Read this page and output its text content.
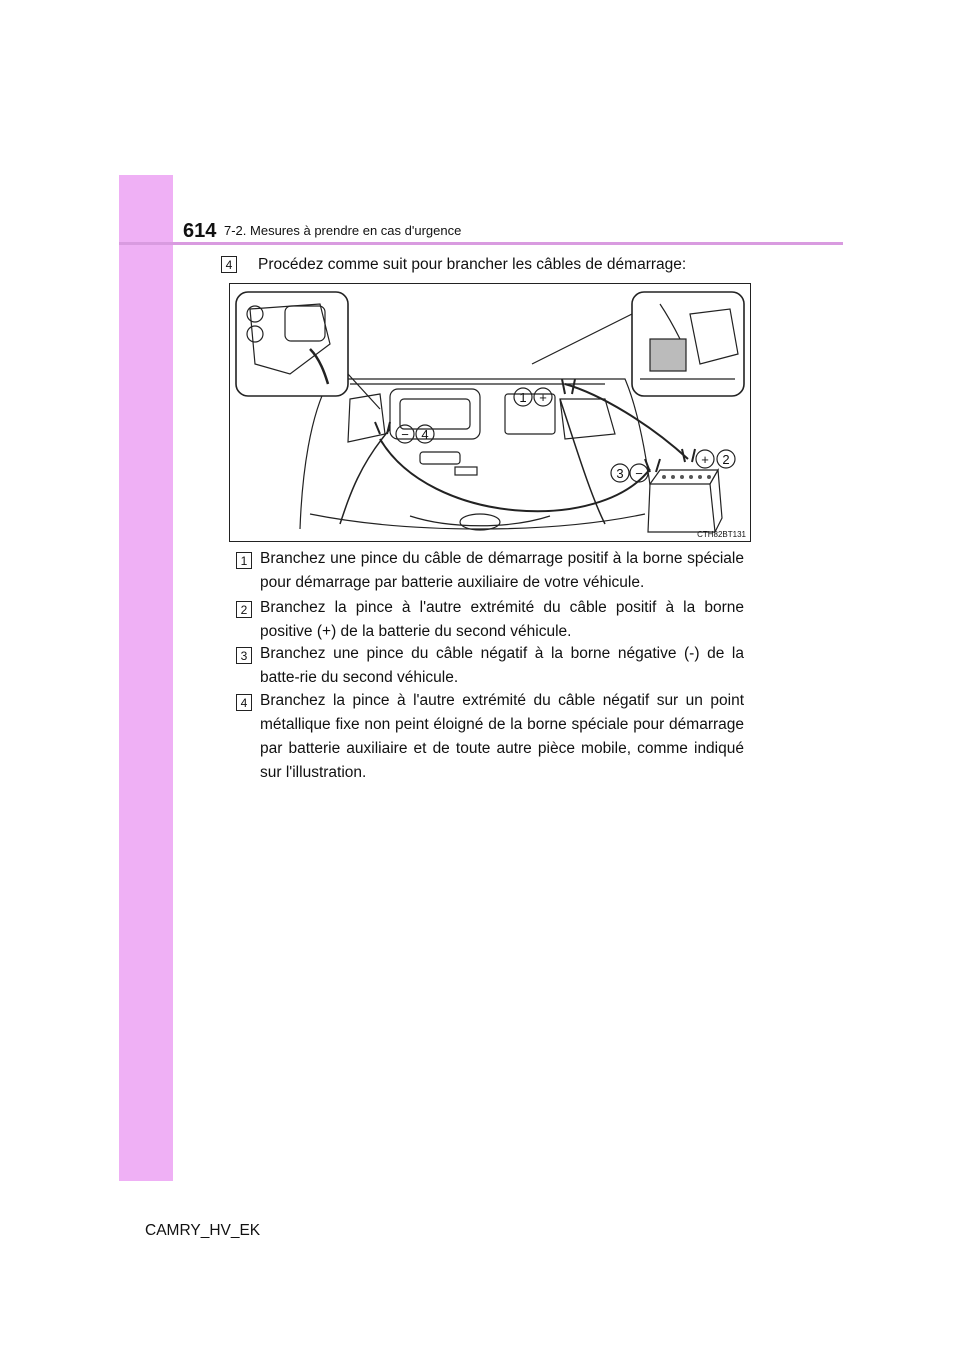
614 7-2. Mesures à prendre en cas d'urgence
4	Procédez comme suit pour brancher les câbles de démarrage:
1 +
2
+
3 −
4
−
CTH82BT131
1 Branchez une pince du câble de démarrage positif à la borne spéciale pour démarrage par batterie auxiliaire de votre véhicule.
2 Branchez la pince à l'autre extrémité du câble positif à la borne positive (+) de la batterie du second véhicule.
3 Branchez une pince du câble négatif à la borne négative (-) de la batte-rie du second véhicule.
4 Branchez la pince à l'autre extrémité du câble négatif sur un point métallique fixe non peint éloigné de la borne spéciale pour démarrage par batterie auxiliaire et de toute autre pièce mobile, comme indiqué sur l'illustration.
CAMRY_HV_EK
